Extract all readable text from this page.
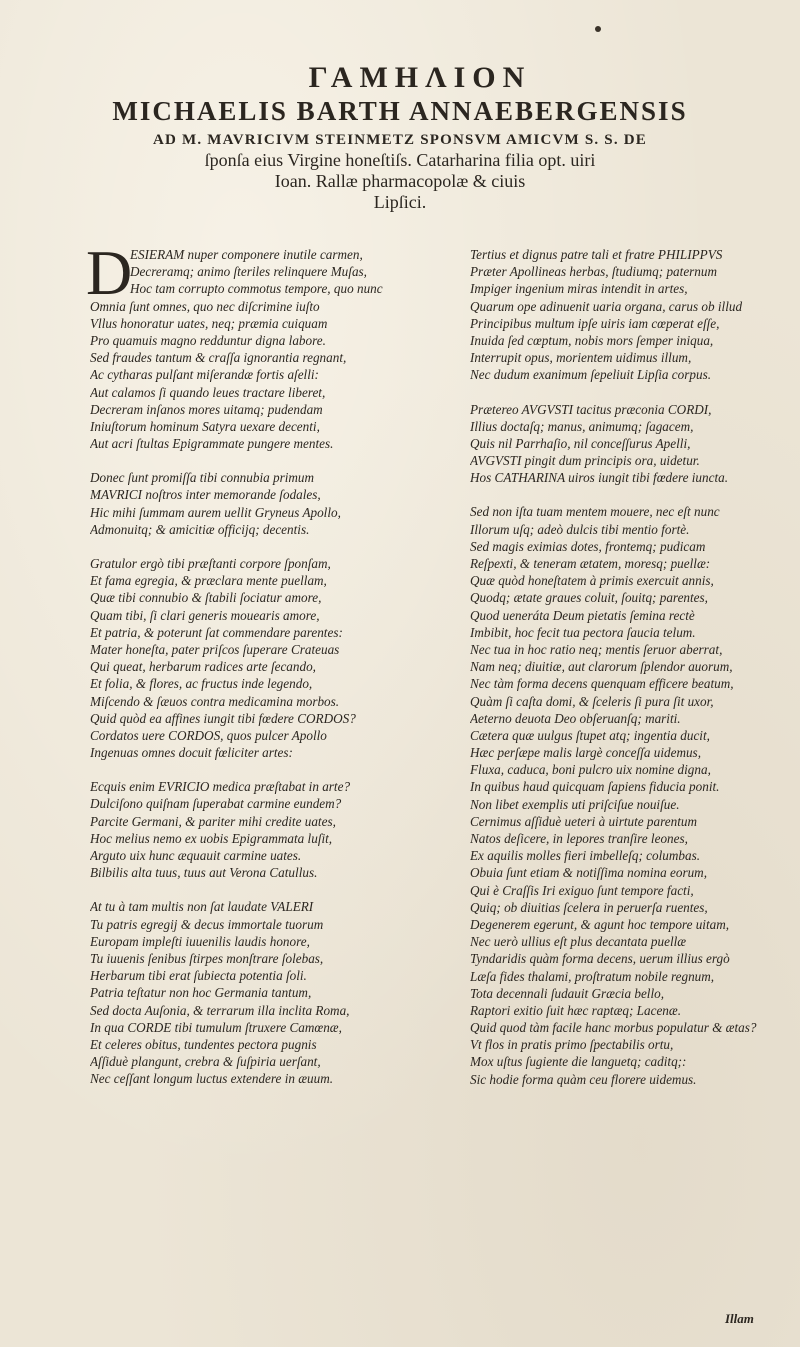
ΓΑΜΗΛΙΟΝ
MICHAELIS BARTH ANNAEBERGENSIS
AD M. MAVRICIVM STEINMETZ SPONSVM AMICVM S. S. DE
ſponſa eius Virgine honeſtiſs. Catarharina filia opt. uiri
Ioan. Rallæ pharmacopolæ & ciuis
Lipſici.
D
ESIERAM nuper componere inutile carmen,
Decreramq; animo ſteriles relinquere Muſas,
Hoc tam corrupto commotus tempore, quo nunc
Omnia ſunt omnes, quo nec diſcrimine iuſto
Vllus honoratur uates, neq; præmia cuiquam
Pro quamuis magno redduntur digna labore.
Sed fraudes tantum & craſſa ignorantia regnant,
Ac cytharas pulſant miſerandæ fortis aſelli:
Aut calamos ſi quando leues tractare liberet,
Decreram inſanos mores uitamq; pudendam
Iniuſtorum hominum Satyra uexare decenti,
Aut acri ſtultas Epigrammate pungere mentes.
Donec ſunt promiſſa tibi connubia primum
MAVRICI noſtros inter memorande ſodales,
Hic mihi ſummam aurem uellit Gryneus Apollo,
Admonuitq; & amicitiæ officijq; decentis.
Gratulor ergò tibi præſtanti corpore ſponſam,
Et fama egregia, & præclara mente puellam,
Quæ tibi connubio & ſtabili ſociatur amore,
Quam tibi, ſi clari generis mouearis amore,
Et patria, & poterunt ſat commendare parentes:
Mater honeſta, pater priſcos ſuperare Crateuas
Qui queat, herbarum radices arte ſecando,
Et folia, & flores, ac fructus inde legendo,
Miſcendo & ſæuos contra medicamina morbos.
Quid quòd ea affines iungit tibi fœdere CORDOS?
Cordatos uere CORDOS, quos pulcer Apollo
Ingenuas omnes docuit fœliciter artes:
Ecquis enim EVRICIO medica præſtabat in arte?
Dulciſono quiſnam ſuperabat carmine eundem?
Parcite Germani, & pariter mihi credite uates,
Hoc melius nemo ex uobis Epigrammata luſit,
Arguto uix hunc æquauit carmine uates.
Bilbilis alta tuus, tuus aut Verona Catullus.
At tu à tam multis non ſat laudate VALERI
Tu patris egregij & decus immortale tuorum
Europam impleſti iuuenilis laudis honore,
Tu iuuenis ſenibus ſtirpes monſtrare ſolebas,
Herbarum tibi erat ſubiecta potentia ſoli.
Patria teſtatur non hoc Germania tantum,
Sed docta Auſonia, & terrarum illa inclita Roma,
In qua CORDE tibi tumulum ſtruxere Camœnæ,
Et celeres obitus, tundentes pectora pugnis
Aſſiduè plangunt, crebra & ſuſpiria uerſant,
Nec ceſſant longum luctus extendere in æuum.
Tertius et dignus patre tali et fratre PHILIPPVS
Præter Apollineas herbas, ſtudiumq; paternum
Impiger ingenium miras intendit in artes,
Quarum ope adinuenit uaria organa, carus ob illud
Principibus multum ipſe uiris iam cœperat eſſe,
Inuida ſed cœptum, nobis mors ſemper iniqua,
Interrupit opus, morientem uidimus illum,
Nec dudum exanimum ſepeliuit Lipſia corpus.
Prætereo AVGVSTI tacitus præconia CORDI,
Illius doctaſq; manus, animumq; ſagacem,
Quis nil Parrhaſio, nil conceſſurus Apelli,
AVGVSTI pingit dum principis ora, uidetur.
Hos CATHARINA uiros iungit tibi fœdere iuncta.
Sed non iſta tuam mentem mouere, nec eſt nunc
Illorum uſq; adeò dulcis tibi mentio fortè.
Sed magis eximias dotes, frontemq; pudicam
Reſpexti, & teneram ætatem, moresq; puellæ:
Quæ quòd honeſtatem à primis exercuit annis,
Quodq; ætate graues coluit, ſouitq; parentes,
Quod ueneráta Deum pietatis ſemina rectè
Imbibit, hoc fecit tua pectora ſaucia telum.
Nec tua in hoc ratio neq; mentis ſeruor aberrat,
Nam neq; diuitiæ, aut clarorum ſplendor auorum,
Nec tàm forma decens quenquam efficere beatum,
Quàm ſi caſta domi, & ſceleris ſi pura ſit uxor,
Aeterno deuota Deo obſeruanſq; mariti.
Cætera quæ uulgus ſtupet atq; ingentia ducit,
Hæc perſæpe malis largè conceſſa uidemus,
Fluxa, caduca, boni pulcro uix nomine digna,
In quibus haud quicquam ſapiens fiducia ponit.
Non libet exemplis uti priſciſue nouiſue.
Cernimus aſſiduè ueteri à uirtute parentum
Natos deſicere, in lepores tranſire leones,
Ex aquilis molles fieri imbelleſq; columbas.
Obuia ſunt etiam & notiſſima nomina eorum,
Qui è Craſſis Iri exiguo ſunt tempore facti,
Quiq; ob diuitias ſcelera in peruerſa ruentes,
Degenerem egerunt, & agunt hoc tempore uitam,
Nec uerò ullius eſt plus decantata puellæ
Tyndaridis quàm forma decens, uerum illius ergò
Læſa fides thalami, proſtratum nobile regnum,
Tota decennali ſudauit Græcia bello,
Raptori exitio ſuit hæc raptæq; Lacenæ.
Quid quod tàm facile hanc morbus populatur & ætas?
Vt flos in pratis primo ſpectabilis ortu,
Mox uſtus ſugiente die languetq; caditq;:
Sic hodie forma quàm ceu florere uidemus.
Illam
